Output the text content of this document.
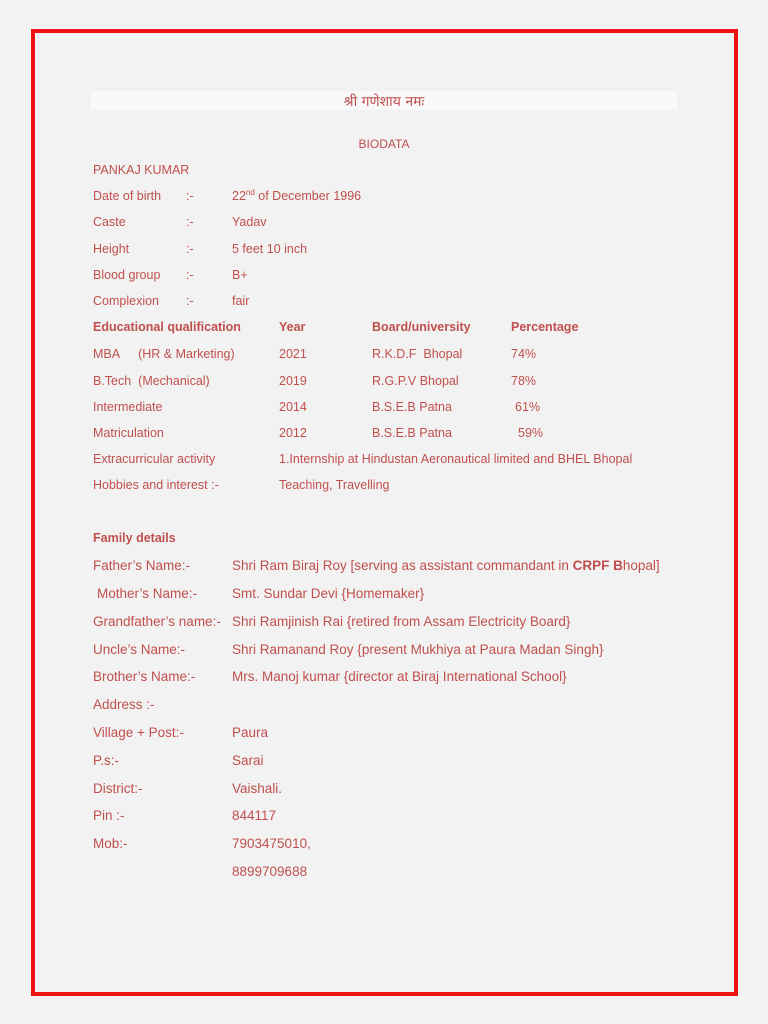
श्री गणेशाय नमः
BIODATA
PANKAJ KUMAR
Date of birth :-	22nd of December 1996
Caste	:-	Yadav
Height	:-	5 feet 10 inch
Blood group :-	B+
Complexion :-	fair
Educational qualification	Year	Board/university	Percentage
MBA (HR & Marketing)	2021	R.K.D.F  Bhopal	74%
B.Tech  (Mechanical)	2019	R.G.P.V Bhopal	78%
Intermediate	2014	B.S.E.B Patna	61%
Matriculation	2012	B.S.E.B Patna	59%
Extracurricular activity	1.Internship at Hindustan Aeronautical limited and BHEL Bhopal
Hobbies and interest :-	Teaching, Travelling
Family details
Father’s Name:-	Shri Ram Biraj Roy [serving as assistant commandant in CRPF Bhopal]
Mother’s Name:-	Smt. Sundar Devi {Homemaker}
Grandfather’s name:- Shri Ramjinish Rai {retired from Assam Electricity Board}
Uncle’s Name:-	Shri Ramanand Roy {present Mukhiya at Paura Madan Singh}
Brother’s Name:-	Mrs. Manoj kumar {director at Biraj International School}
Address :-
Village + Post:-	Paura
P.s:-	Sarai
District:-	Vaishali.
Pin :-	844117
Mob:-	7903475010,
8899709688
